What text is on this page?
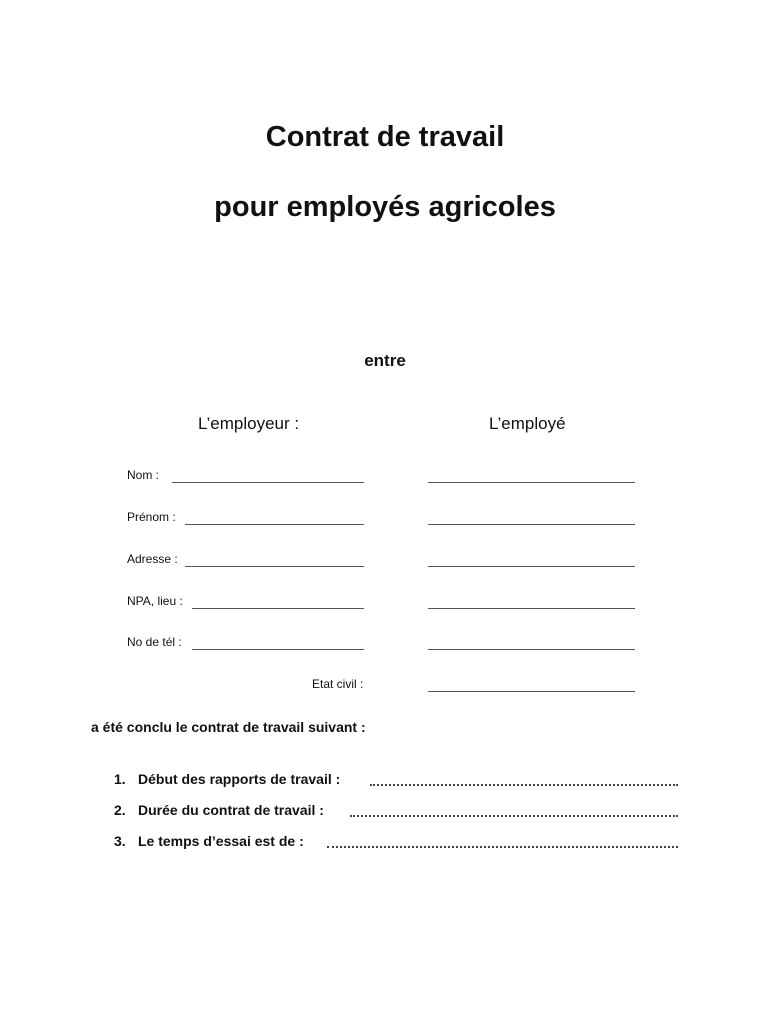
Contrat de travail
pour employés agricoles
entre
L’employeur :	L’employé
Nom :
Prénom :
Adresse :
NPA, lieu :
No de tél :
Etat civil :
a été conclu le contrat de travail suivant :
1. Début des rapports de travail :
2. Durée du contrat de travail :
3. Le temps d’essai est de :
